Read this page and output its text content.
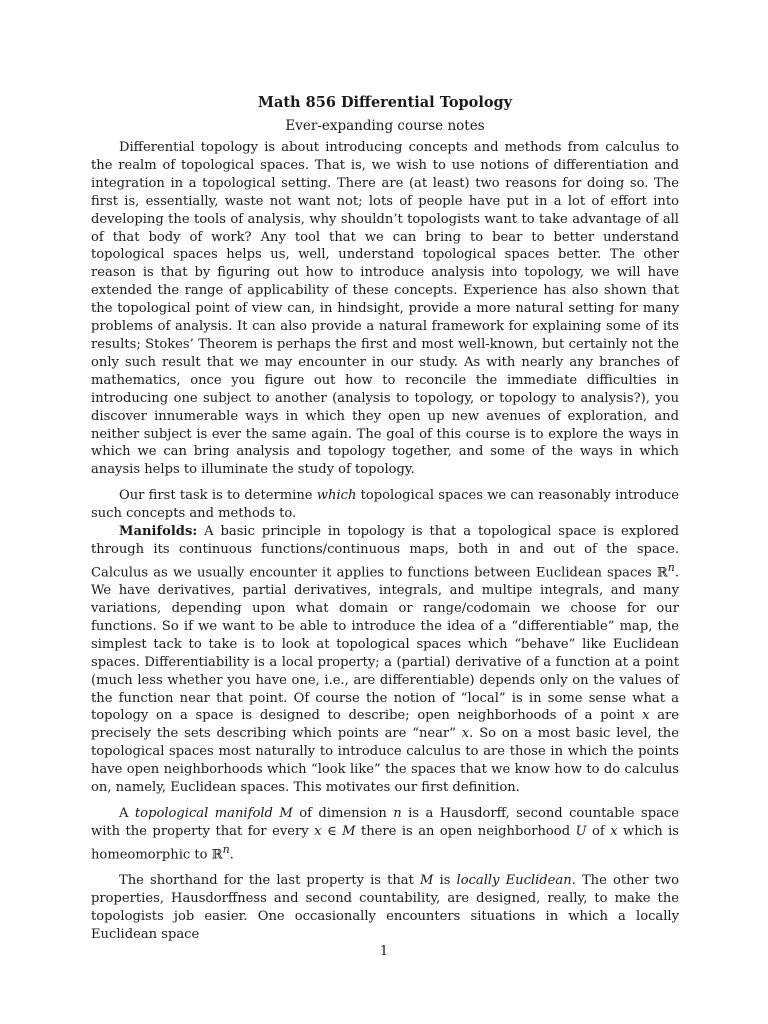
Math 856 Differential Topology
Ever-expanding course notes

Differential topology is about introducing concepts and methods from calculus to the realm of topological spaces. That is, we wish to use notions of differentiation and integration in a topological setting. There are (at least) two reasons for doing so. The first is, essentially, waste not want not; lots of people have put in a lot of effort into developing the tools of analysis, why shouldn’t topologists want to take advantage of all of that body of work? Any tool that we can bring to bear to better understand topological spaces helps us, well, understand topological spaces better. The other reason is that by figuring out how to introduce analysis into topology, we will have extended the range of applicability of these concepts. Experience has also shown that the topological point of view can, in hindsight, provide a more natural setting for many problems of analysis. It can also provide a natural framework for explaining some of its results; Stokes’ Theorem is perhaps the first and most well-known, but certainly not the only such result that we may encounter in our study. As with nearly any branches of mathematics, once you figure out how to reconcile the immediate difficulties in introducing one subject to another (analysis to topology, or topology to analysis?), you discover innumerable ways in which they open up new avenues of exploration, and neither subject is ever the same again. The goal of this course is to explore the ways in which we can bring analysis and topology together, and some of the ways in which anaysis helps to illuminate the study of topology.

Our first task is to determine which topological spaces we can reasonably introduce such concepts and methods to.

Manifolds: A basic principle in topology is that a topological space is explored through its continuous functions/continuous maps, both in and out of the space. Calculus as we usually encounter it applies to functions between Euclidean spaces ℝ$^n$. We have derivatives, partial derivatives, integrals, and multipe integrals, and many variations, depending upon what domain or range/codomain we choose for our functions. So if we want to be able to introduce the idea of a “differentiable” map, the simplest tack to take is to look at topological spaces which “behave” like Euclidean spaces. Differentiability is a local property; a (partial) derivative of a function at a point (much less whether you have one, i.e., are differentiable) depends only on the values of the function near that point. Of course the notion of “local” is in some sense what a topology on a space is designed to describe; open neighborhoods of a point x are precisely the sets describing which points are “near” x. So on a most basic level, the topological spaces most naturally to introduce calculus to are those in which the points have open neighborhoods which “look like” the spaces that we know how to do calculus on, namely, Euclidean spaces. This motivates our first definition.

A topological manifold M of dimension n is a Hausdorff, second countable space with the property that for every x ∈ M there is an open neighborhood U of x which is homeomorphic to ℝ$^n$.

The shorthand for the last property is that M is locally Euclidean. The other two properties, Hausdorffness and second countability, are designed, really, to make the topologists job easier. One occasionally encounters situations in which a locally Euclidean space

1
